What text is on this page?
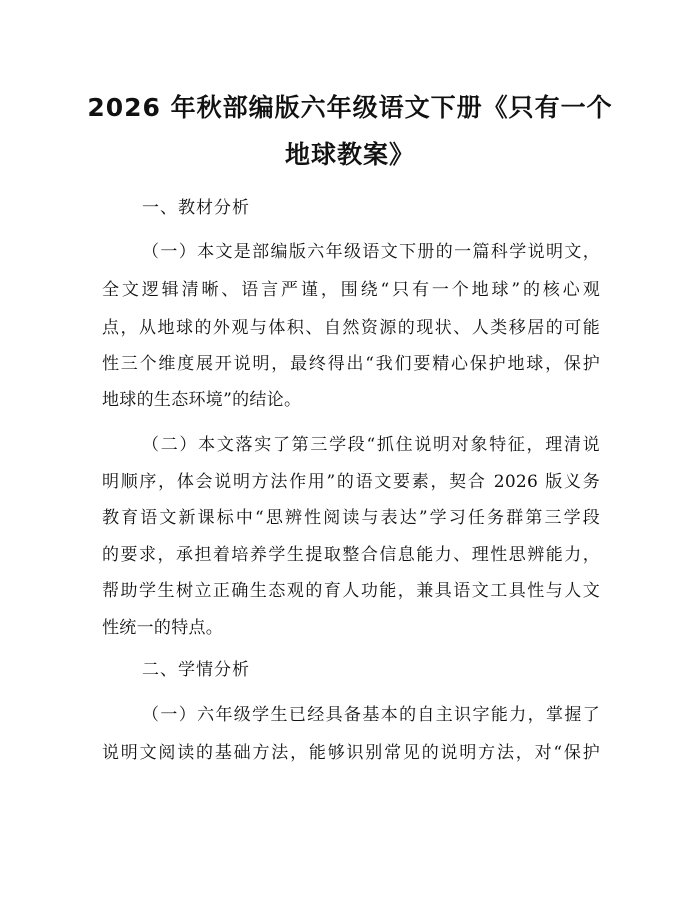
2026 年秋部编版六年级语文下册《只有一个
地球教案》
一、教材分析
（一）本文是部编版六年级语文下册的一篇科学说明文，
全文逻辑清晰、语言严谨，围绕“只有一个地球”的核心观
点，从地球的外观与体积、自然资源的现状、人类移居的可能
性三个维度展开说明，最终得出“我们要精心保护地球，保护
地球的生态环境”的结论。
（二）本文落实了第三学段“抓住说明对象特征，理清说
明顺序，体会说明方法作用”的语文要素，契合 2026 版义务
教育语文新课标中“思辨性阅读与表达”学习任务群第三学段
的要求，承担着培养学生提取整合信息能力、理性思辨能力，
帮助学生树立正确生态观的育人功能，兼具语文工具性与人文
性统一的特点。
二、学情分析
（一）六年级学生已经具备基本的自主识字能力，掌握了
说明文阅读的基础方法，能够识别常见的说明方法，对“保护
